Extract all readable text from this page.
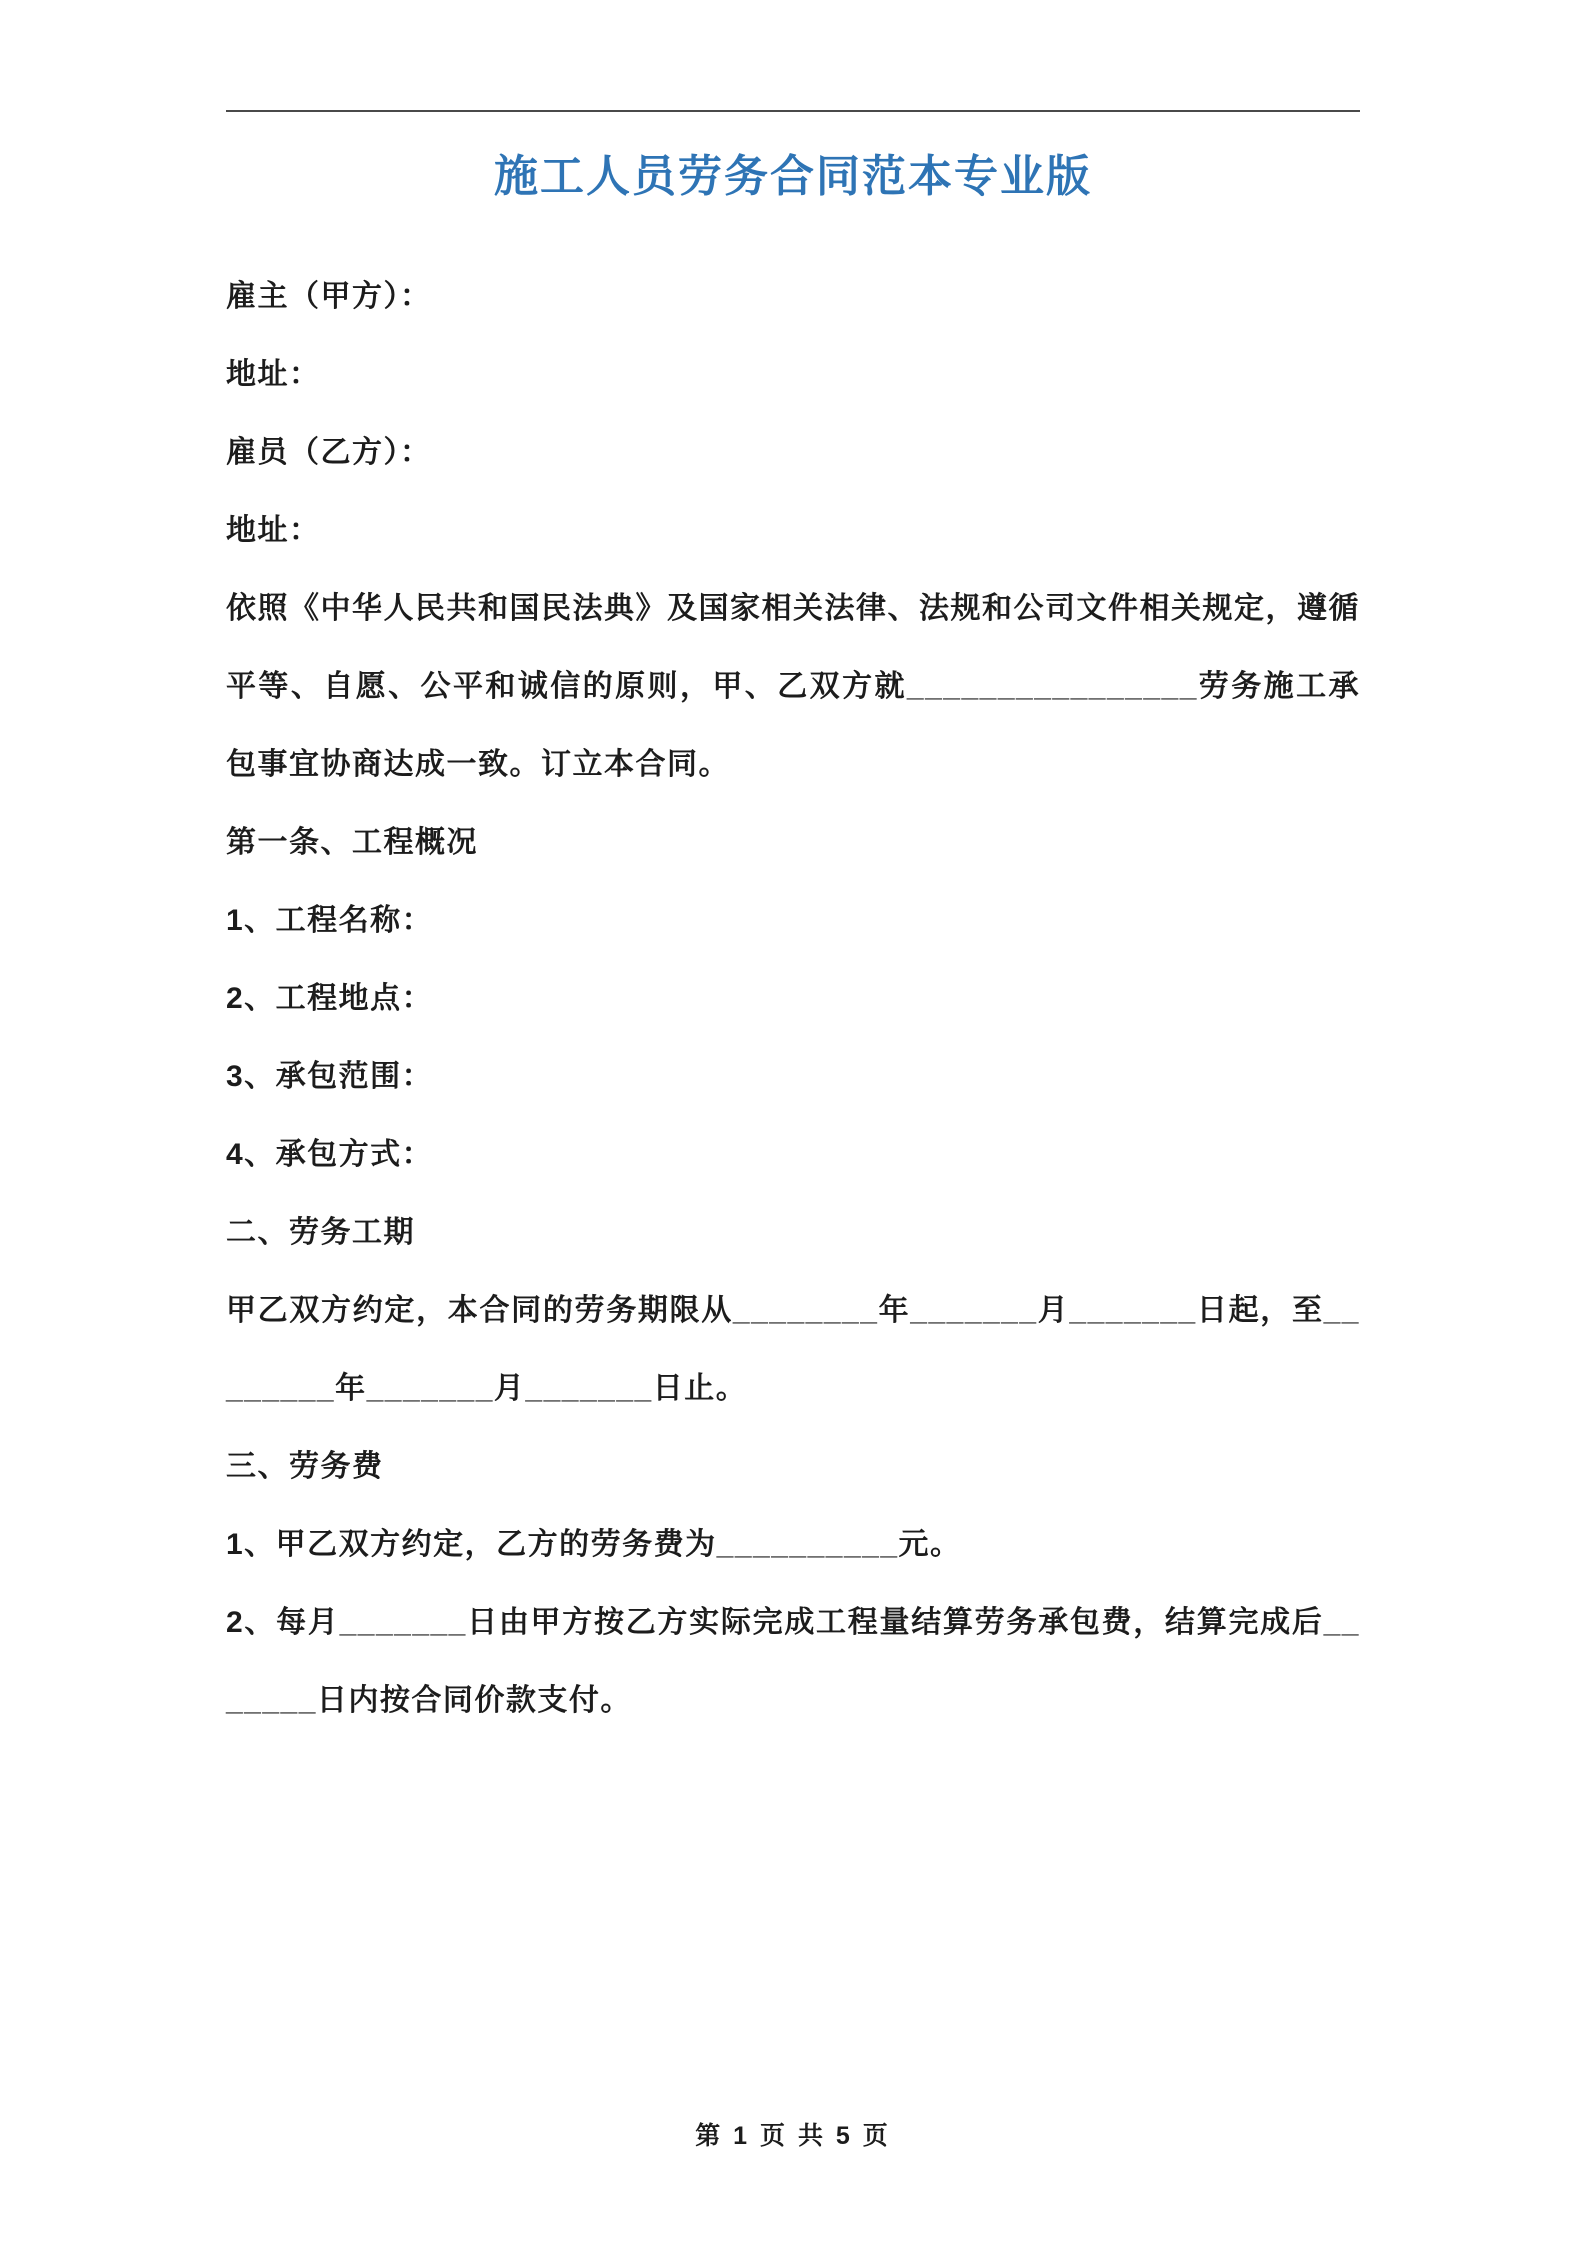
施工人员劳务合同范本专业版

雇主（甲方）：

地址：

雇员（乙方）：

地址：

依照《中华人民共和国民法典》及国家相关法律、法规和公司文件相关规定，遵循平等、自愿、公平和诚信的原则，甲、乙双方就________________劳务施工承包事宜协商达成一致。订立本合同。

第一条、工程概况

1、工程名称：

2、工程地点：

3、承包范围：

4、承包方式：

二、劳务工期

甲乙双方约定，本合同的劳务期限从________年_______月_______日起，至________年_______月_______日止。

三、劳务费

1、甲乙双方约定，乙方的劳务费为__________元。

2、每月_______日由甲方按乙方实际完成工程量结算劳务承包费，结算完成后_______日内按合同价款支付。

第 1 页 共 5 页
